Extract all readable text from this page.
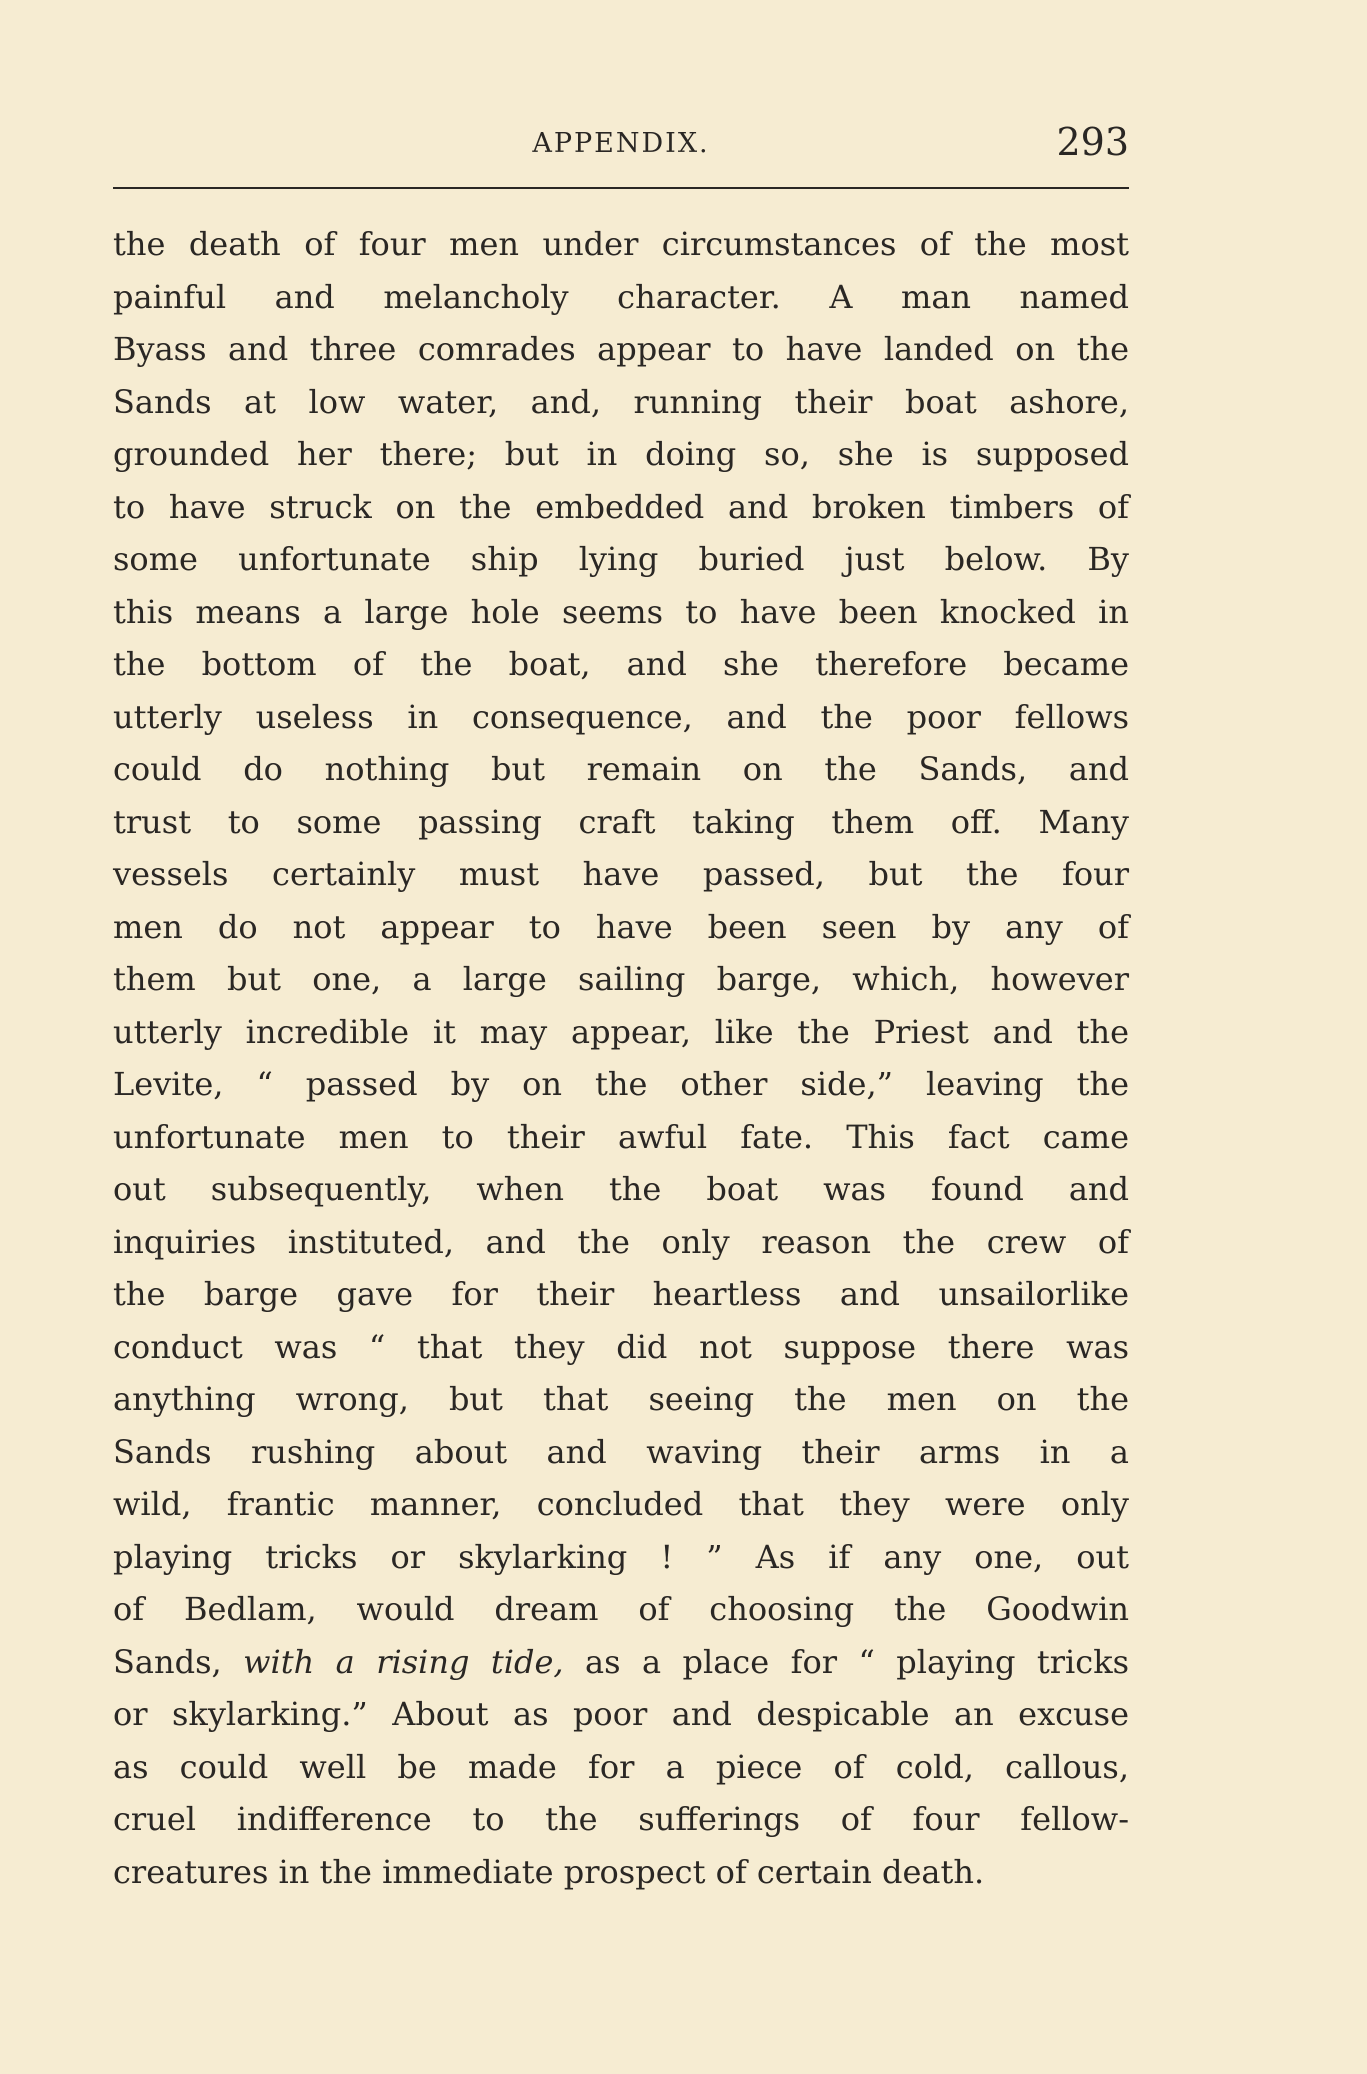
APPENDIX.	293
the death of four men under circumstances of the most
painful and melancholy character. A man named
Byass and three comrades appear to have landed on the
Sands at low water, and, running their boat ashore,
grounded her there; but in doing so, she is supposed
to have struck on the embedded and broken timbers of
some unfortunate ship lying buried just below. By
this means a large hole seems to have been knocked in
the bottom of the boat, and she therefore became
utterly useless in consequence, and the poor fellows
could do nothing but remain on the Sands, and
trust to some passing craft taking them off. Many
vessels certainly must have passed, but the four
men do not appear to have been seen by any of
them but one, a large sailing barge, which, however
utterly incredible it may appear, like the Priest and the
Levite, “ passed by on the other side,” leaving the
unfortunate men to their awful fate. This fact came
out subsequently, when the boat was found and
inquiries instituted, and the only reason the crew of
the barge gave for their heartless and unsailorlike
conduct was “ that they did not suppose there was
anything wrong, but that seeing the men on the
Sands rushing about and waving their arms in a
wild, frantic manner, concluded that they were only
playing tricks or skylarking ! ” As if any one, out
of Bedlam, would dream of choosing the Goodwin
Sands, with a rising tide, as a place for “ playing tricks
or skylarking.” About as poor and despicable an excuse
as could well be made for a piece of cold, callous,
cruel indifference to the sufferings of four fellow-
creatures in the immediate prospect of certain death.
